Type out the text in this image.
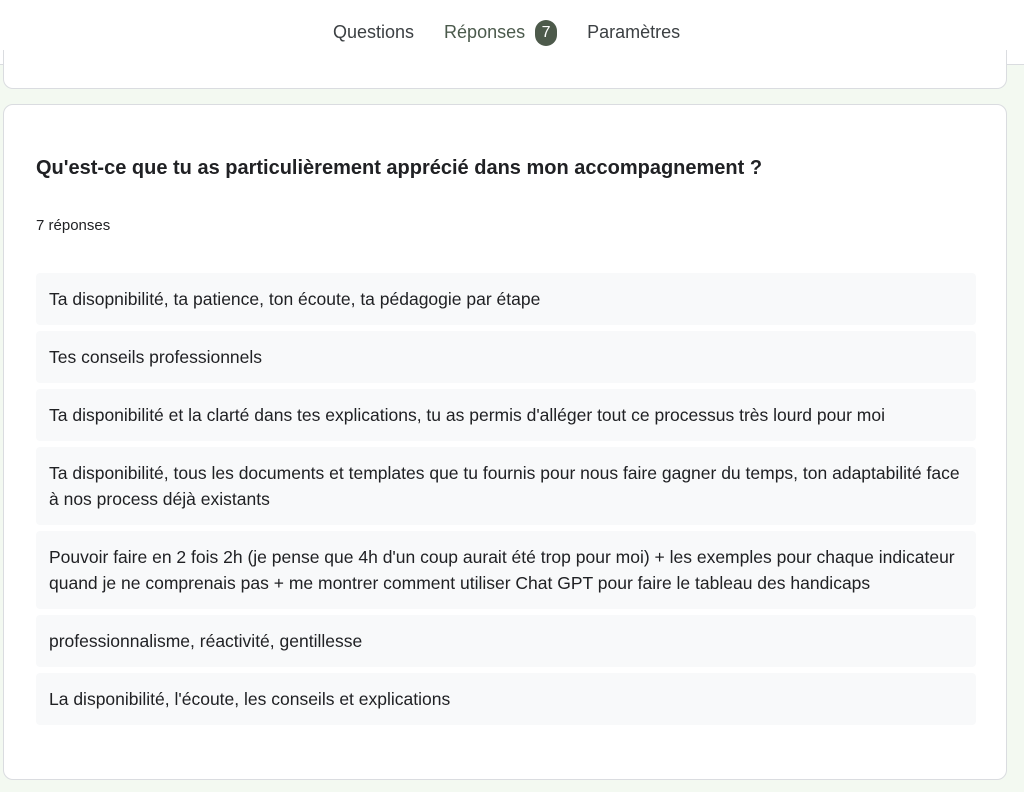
Questions Réponses	7	Paramètres
Qu'est-ce que tu as particulièrement apprécié dans mon accompagnement ?
7 réponses
Ta disopnibilité, ta patience, ton écoute, ta pédagogie par étape
Tes conseils professionnels
Ta disponibilité et la clarté dans tes explications, tu as permis d'alléger tout ce processus très lourd pour moi
Ta disponibilité, tous les documents et templates que tu fournis pour nous faire gagner du temps, ton adaptabilité face à nos process déjà existants
Pouvoir faire en 2 fois 2h (je pense que 4h d'un coup aurait été trop pour moi) + les exemples pour chaque indicateur quand je ne comprenais pas + me montrer comment utiliser Chat GPT pour faire le tableau des handicaps
professionnalisme, réactivité, gentillesse
La disponibilité, l'écoute, les conseils et explications
